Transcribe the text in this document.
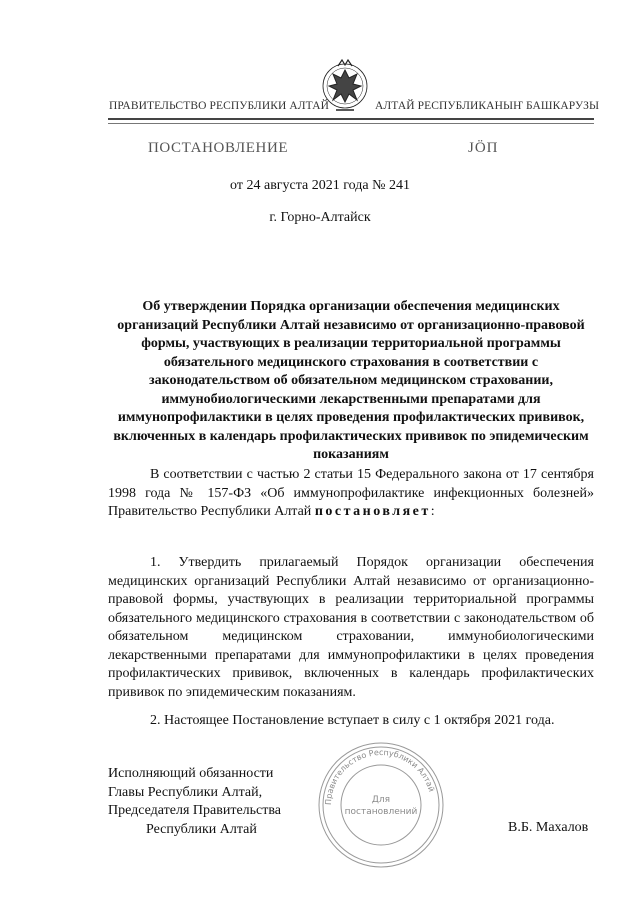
ПРАВИТЕЛЬСТВО РЕСПУБЛИКИ АЛТАЙ	АЛТАЙ РЕСПУБЛИКАНЫҤ БАШКАРУЗЫ
ПОСТАНОВЛЕНИЕ	ЈӦП
от 24 августа 2021 года № 241
г. Горно-Алтайск
Об утверждении Порядка организации обеспечения медицинских организаций Республики Алтай независимо от организационно-правовой формы, участвующих в реализации территориальной программы обязательного медицинского страхования в соответствии с законодательством об обязательном медицинском страховании, иммунобиологическими лекарственными препаратами для иммунопрофилактики в целях проведения профилактических прививок, включенных в календарь профилактических прививок по эпидемическим показаниям
В соответствии с частью 2 статьи 15 Федерального закона от 17 сентября 1998 года № 157-ФЗ «Об иммунопрофилактике инфекционных болезней» Правительство Республики Алтай постановляет:
1. Утвердить прилагаемый Порядок организации обеспечения медицинских организаций Республики Алтай независимо от организационно-правовой формы, участвующих в реализации территориальной программы обязательного медицинского страхования в соответствии с законодательством об обязательном медицинском страховании, иммунобиологическими лекарственными препаратами для иммунопрофилактики в целях проведения профилактических прививок, включенных в календарь профилактических прививок по эпидемическим показаниям.
2. Настоящее Постановление вступает в силу с 1 октября 2021 года.
Исполняющий обязанности
Главы Республики Алтай,
Председателя Правительства
Республики Алтай
Правительство Республики Алтай
Для
постановлений
В.Б. Махалов
